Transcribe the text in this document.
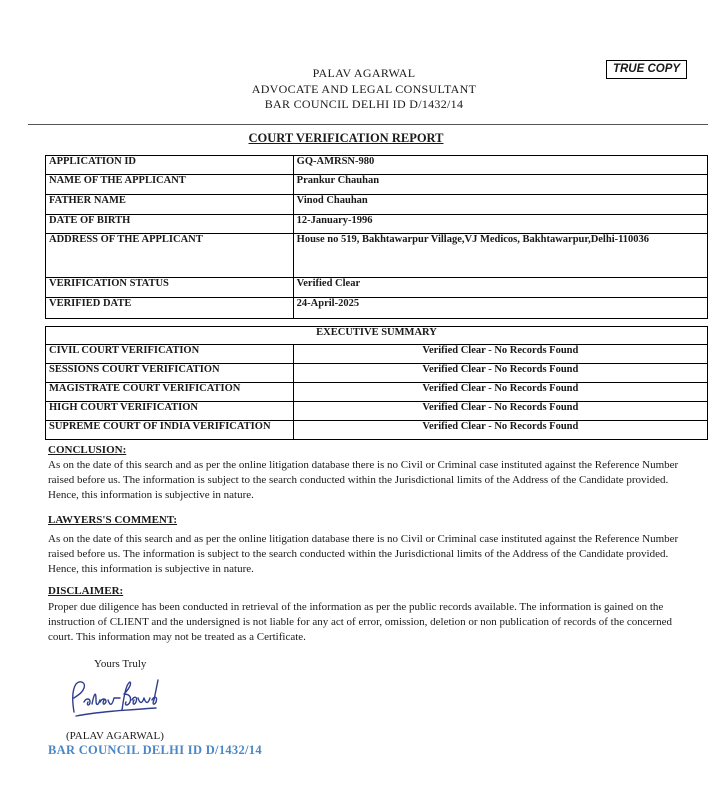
PALAV AGARWAL
ADVOCATE AND LEGAL CONSULTANT
BAR COUNCIL DELHI ID D/1432/14
TRUE COPY
COURT VERIFICATION REPORT
APPLICATION ID	GQ-AMRSN-980
NAME OF THE APPLICANT	Prankur Chauhan
FATHER NAME	Vinod Chauhan
DATE OF BIRTH	12-January-1996
ADDRESS OF THE APPLICANT	House no 519, Bakhtawarpur Village,VJ Medicos, Bakhtawarpur,Delhi-110036
VERIFICATION STATUS	Verified Clear
VERIFIED DATE	24-April-2025
EXECUTIVE SUMMARY	
CIVIL COURT VERIFICATION	Verified Clear - No Records Found
SESSIONS COURT VERIFICATION	Verified Clear - No Records Found
MAGISTRATE COURT VERIFICATION	Verified Clear - No Records Found
HIGH COURT VERIFICATION	Verified Clear - No Records Found
SUPREME COURT OF INDIA VERIFICATION	Verified Clear - No Records Found
CONCLUSION:
As on the date of this search and as per the online litigation database there is no Civil or Criminal case instituted against the Reference Number raised before us. The information is subject to the search conducted within the Jurisdictional limits of the Address of the Candidate provided. Hence, this information is subjective in nature.
LAWYERS'S COMMENT:
As on the date of this search and as per the online litigation database there is no Civil or Criminal case instituted against the Reference Number raised before us. The information is subject to the search conducted within the Jurisdictional limits of the Address of the Candidate provided. Hence, this information is subjective in nature.
DISCLAIMER:
Proper due diligence has been conducted in retrieval of the information as per the public records available. The information is gained on the instruction of CLIENT and the undersigned is not liable for any act of error, omission, deletion or non publication of records of the concerned court. This information may not be treated as a Certificate.
Yours Truly
(PALAV AGARWAL)
BAR COUNCIL DELHI ID D/1432/14
